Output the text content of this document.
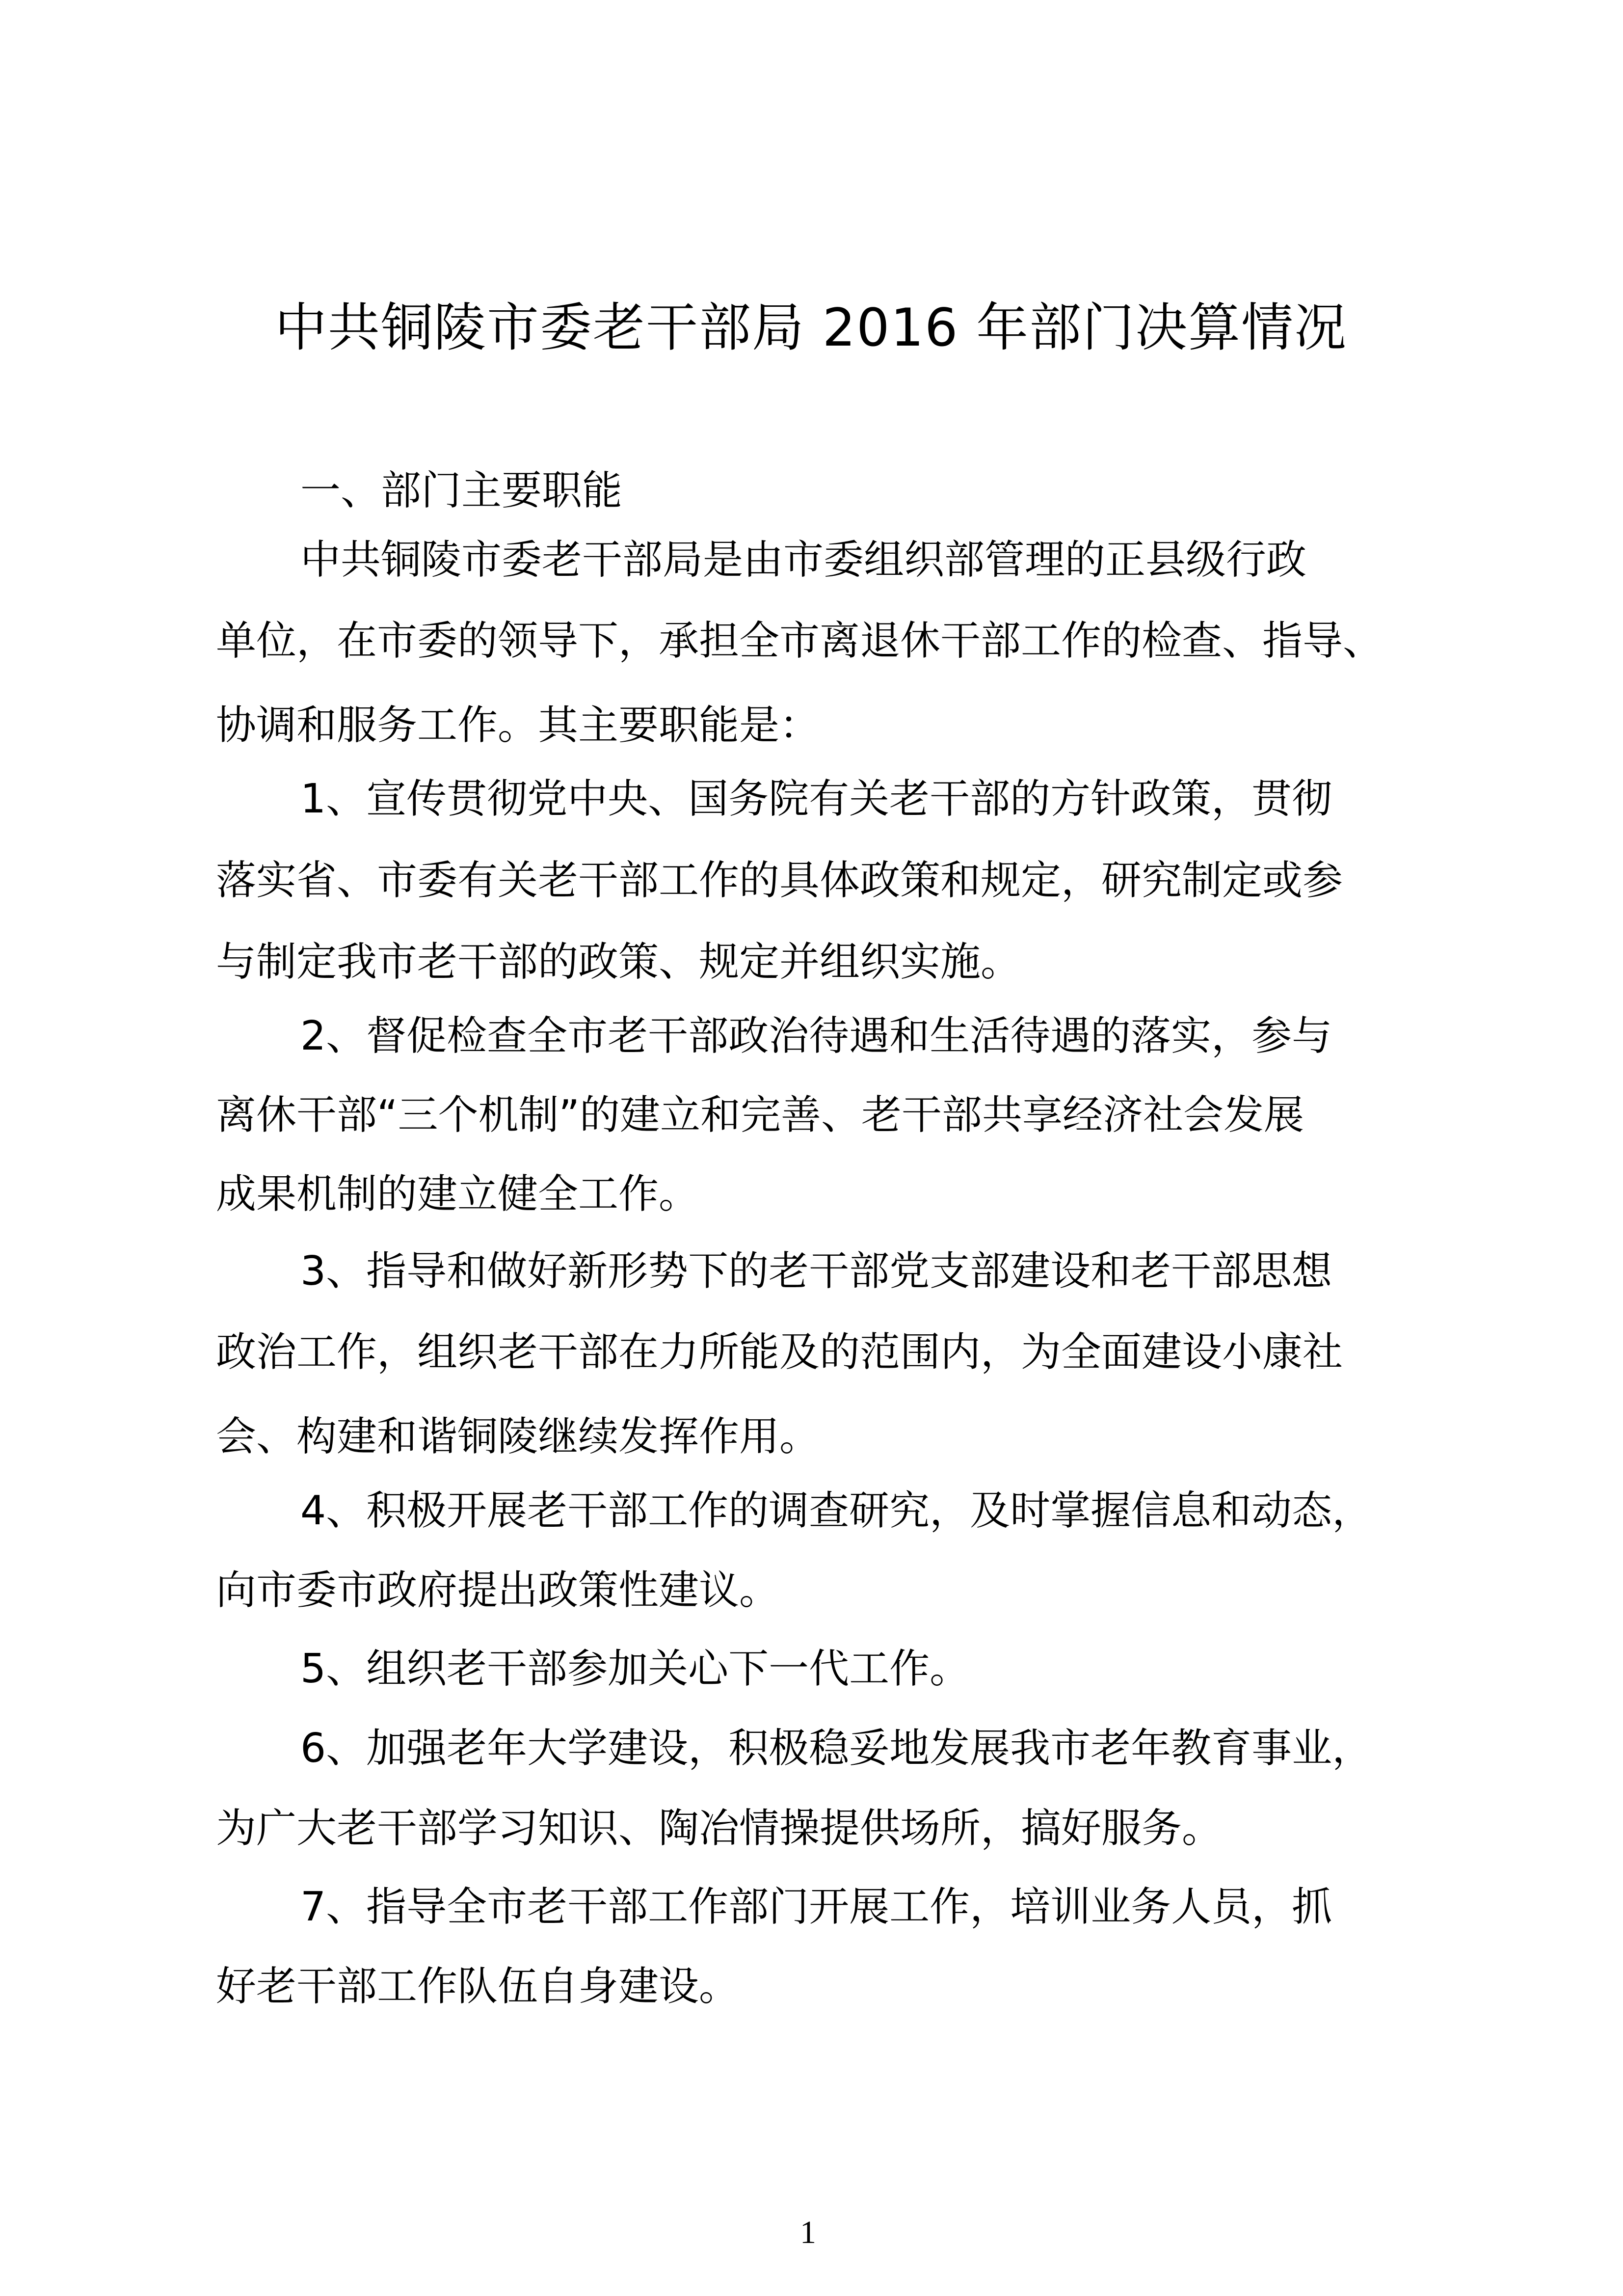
中共铜陵市委老干部局 2016 年部门决算情况
一、部门主要职能
中共铜陵市委老干部局是由市委组织部管理的正县级行政
单位，在市委的领导下，承担全市离退休干部工作的检查、指导、
协调和服务工作。其主要职能是：
1、宣传贯彻党中央、国务院有关老干部的方针政策，贯彻
落实省、市委有关老干部工作的具体政策和规定，研究制定或参
与制定我市老干部的政策、规定并组织实施。
2、督促检查全市老干部政治待遇和生活待遇的落实，参与
离休干部“三个机制”的建立和完善、老干部共享经济社会发展
成果机制的建立健全工作。
3、指导和做好新形势下的老干部党支部建设和老干部思想
政治工作，组织老干部在力所能及的范围内，为全面建设小康社
会、构建和谐铜陵继续发挥作用。
4、积极开展老干部工作的调查研究，及时掌握信息和动态，
向市委市政府提出政策性建议。
5、组织老干部参加关心下一代工作。
6、加强老年大学建设，积极稳妥地发展我市老年教育事业，
为广大老干部学习知识、陶冶情操提供场所，搞好服务。
7、指导全市老干部工作部门开展工作，培训业务人员，抓
好老干部工作队伍自身建设。
1
